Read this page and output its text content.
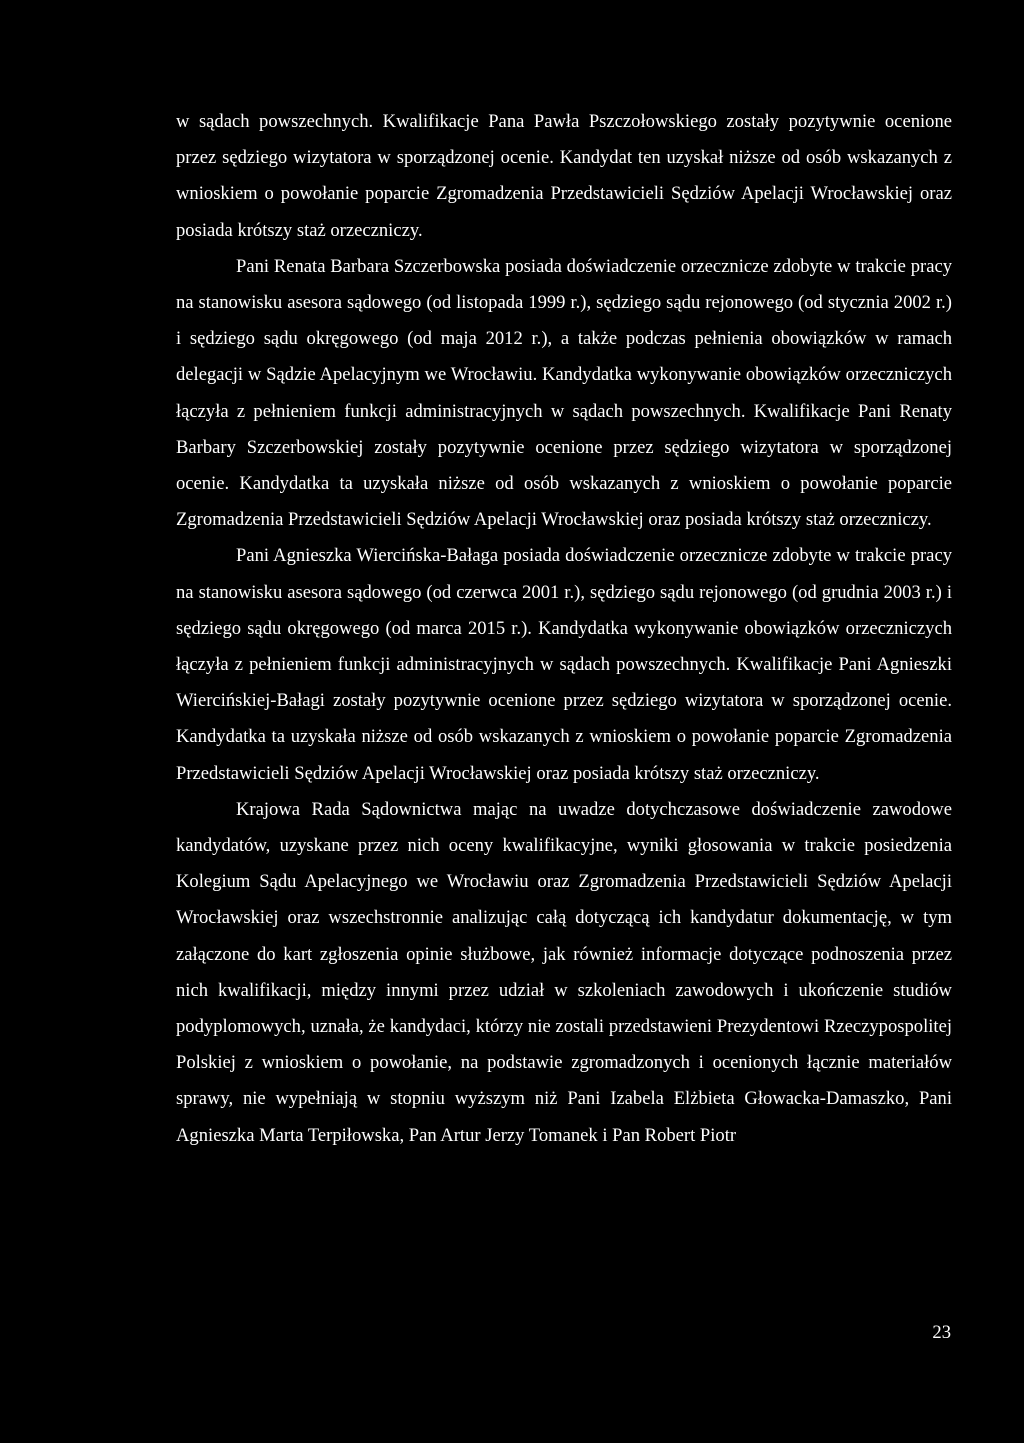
w sądach powszechnych. Kwalifikacje Pana Pawła Pszczołowskiego zostały pozytywnie ocenione przez sędziego wizytatora w sporządzonej ocenie. Kandydat ten uzyskał niższe od osób wskazanych z wnioskiem o powołanie poparcie Zgromadzenia Przedstawicieli Sędziów Apelacji Wrocławskiej oraz posiada krótszy staż orzeczniczy.

Pani Renata Barbara Szczerbowska posiada doświadczenie orzecznicze zdobyte w trakcie pracy na stanowisku asesora sądowego (od listopada 1999 r.), sędziego sądu rejonowego (od stycznia 2002 r.) i sędziego sądu okręgowego (od maja 2012 r.), a także podczas pełnienia obowiązków w ramach delegacji w Sądzie Apelacyjnym we Wrocławiu. Kandydatka wykonywanie obowiązków orzeczniczych łączyła z pełnieniem funkcji administracyjnych w sądach powszechnych. Kwalifikacje Pani Renaty Barbary Szczerbowskiej zostały pozytywnie ocenione przez sędziego wizytatora w sporządzonej ocenie. Kandydatka ta uzyskała niższe od osób wskazanych z wnioskiem o powołanie poparcie Zgromadzenia Przedstawicieli Sędziów Apelacji Wrocławskiej oraz posiada krótszy staż orzeczniczy.

Pani Agnieszka Wiercińska-Bałaga posiada doświadczenie orzecznicze zdobyte w trakcie pracy na stanowisku asesora sądowego (od czerwca 2001 r.), sędziego sądu rejonowego (od grudnia 2003 r.) i sędziego sądu okręgowego (od marca 2015 r.). Kandydatka wykonywanie obowiązków orzeczniczych łączyła z pełnieniem funkcji administracyjnych w sądach powszechnych. Kwalifikacje Pani Agnieszki Wiercińskiej-Bałagi zostały pozytywnie ocenione przez sędziego wizytatora w sporządzonej ocenie. Kandydatka ta uzyskała niższe od osób wskazanych z wnioskiem o powołanie poparcie Zgromadzenia Przedstawicieli Sędziów Apelacji Wrocławskiej oraz posiada krótszy staż orzeczniczy.

Krajowa Rada Sądownictwa mając na uwadze dotychczasowe doświadczenie zawodowe kandydatów, uzyskane przez nich oceny kwalifikacyjne, wyniki głosowania w trakcie posiedzenia Kolegium Sądu Apelacyjnego we Wrocławiu oraz Zgromadzenia Przedstawicieli Sędziów Apelacji Wrocławskiej oraz wszechstronnie analizując całą dotyczącą ich kandydatur dokumentację, w tym załączone do kart zgłoszenia opinie służbowe, jak również informacje dotyczące podnoszenia przez nich kwalifikacji, między innymi przez udział w szkoleniach zawodowych i ukończenie studiów podyplomowych, uznała, że kandydaci, którzy nie zostali przedstawieni Prezydentowi Rzeczypospolitej Polskiej z wnioskiem o powołanie, na podstawie zgromadzonych i ocenionych łącznie materiałów sprawy, nie wypełniają w stopniu wyższym niż Pani Izabela Elżbieta Głowacka-Damaszko, Pani Agnieszka Marta Terpiłowska, Pan Artur Jerzy Tomanek i Pan Robert Piotr

23
